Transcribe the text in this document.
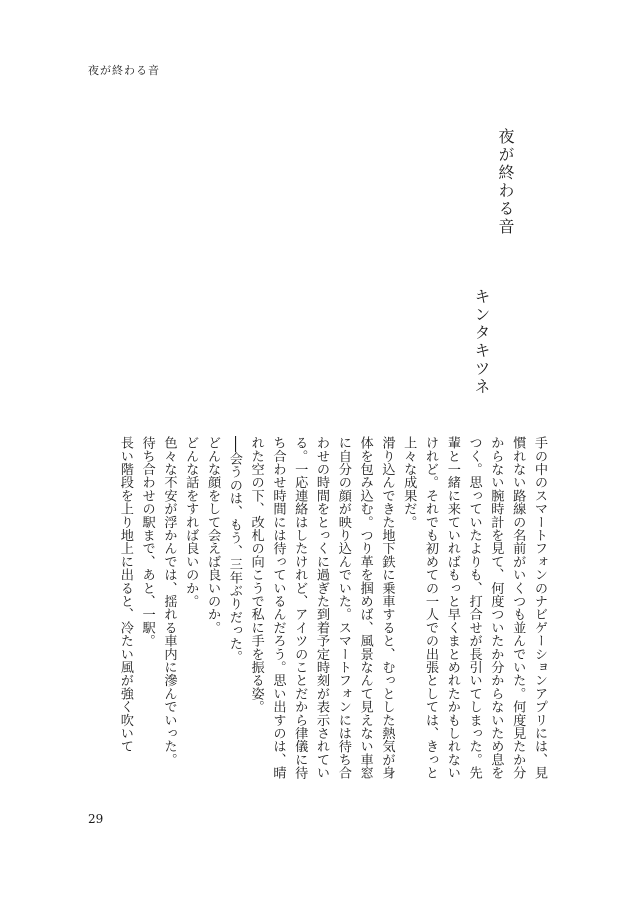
夜が終わる音
夜が終わる音
キンタキツネ

手の中のスマートフォンのナビゲーションアプリには、見慣れない路線の名前がいくつも並んでいた。何度見たか分からない腕時計を見て、何度ついたか分からないため息をつく。思っていたよりも、打合せが長引いてしまった。先輩と一緒に来ていればもっと早くまとめれたかもしれないけれど。それでも初めての一人での出張としては、きっと上々な成果だ。

滑り込んできた地下鉄に乗車すると、むっとした熱気が身体を包み込む。つり革を掴めば、風景なんて見えない車窓に自分の顔が映り込んでいた。スマートフォンには待ち合わせの時間をとっくに過ぎた到着予定時刻が表示されている。一応連絡はしたけれど、アイツのことだから律儀に待ち合わせ時間には待っているんだろう。思い出すのは、晴れた空の下、改札の向こうで私に手を振る姿。

──会うのは、もう、三年ぶりだった。

どんな顔をして会えば良いのか。

どんな話をすれば良いのか。

色々な不安が浮かんでは、揺れる車内に滲んでいった。

待ち合わせの駅まで、あと、一駅。

長い階段を上り地上に出ると、冷たい風が強く吹いて

29
